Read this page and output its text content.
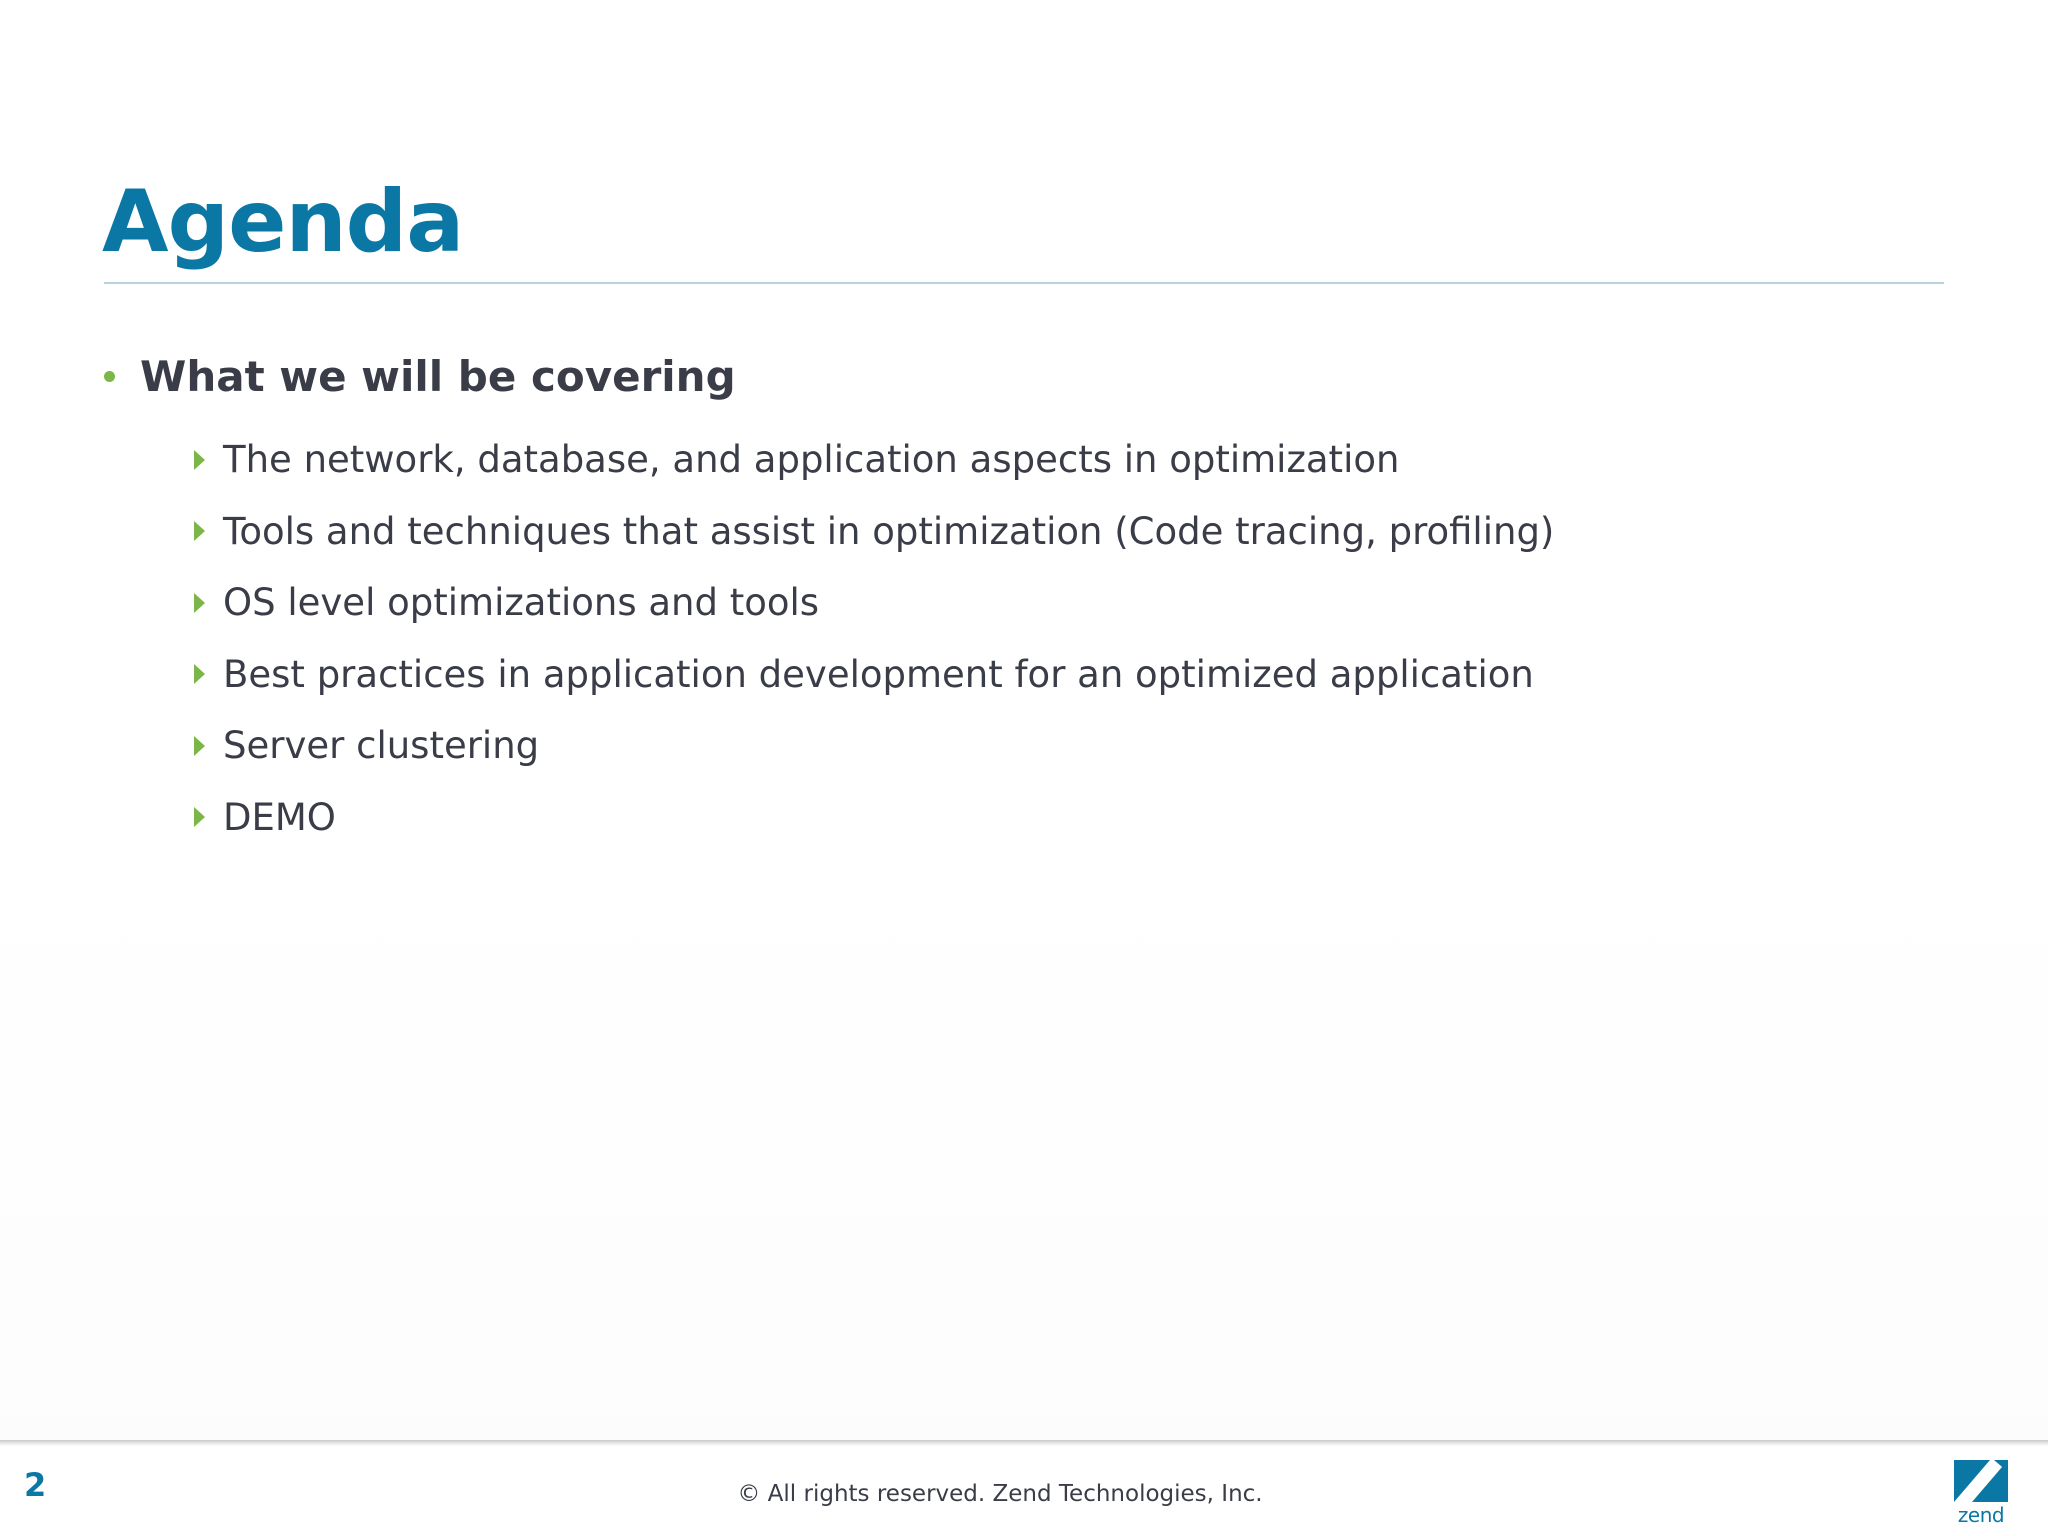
Agenda
What we will be covering
The network, database, and application aspects in optimization
Tools and techniques that assist in optimization (Code tracing, profiling)
OS level optimizations and tools
Best practices in application development for an optimized application
Server clustering
DEMO
2	© All rights reserved. Zend Technologies, Inc.
zend
